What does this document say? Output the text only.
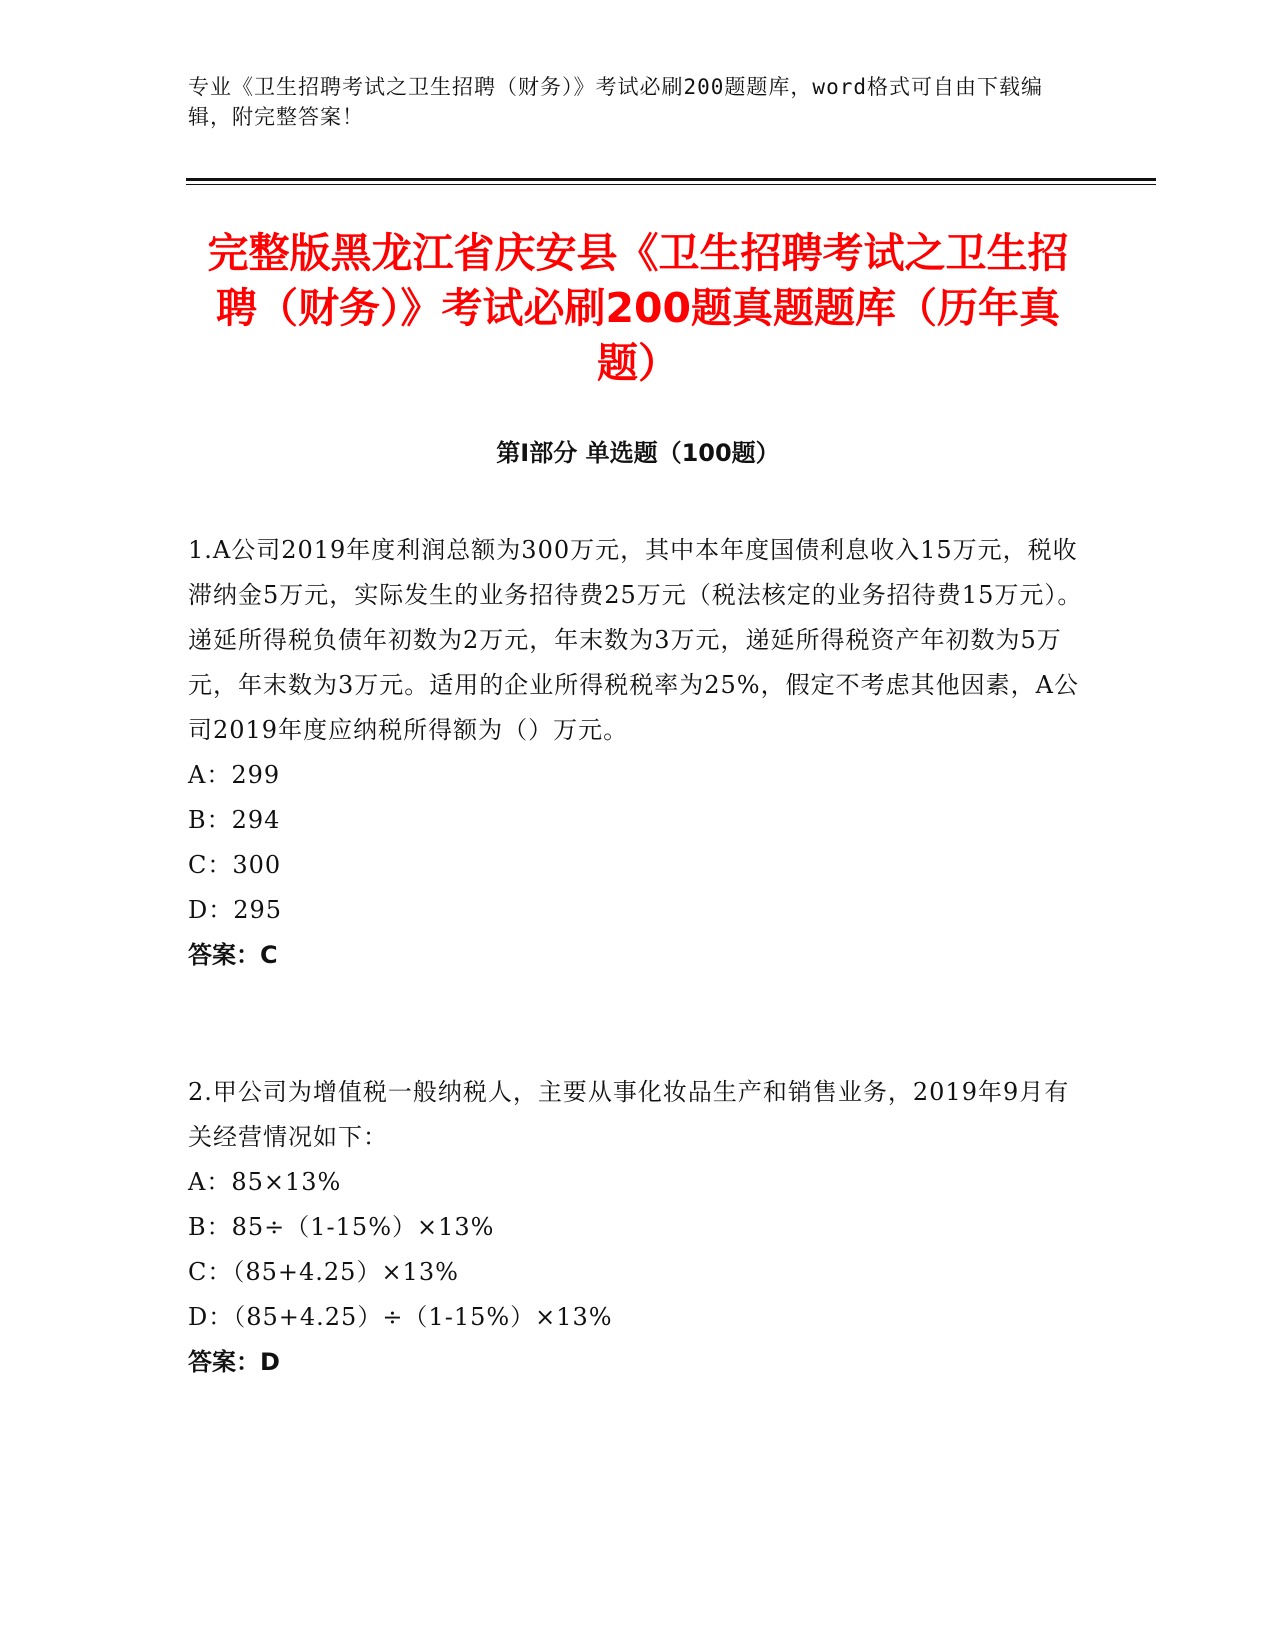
专业《卫生招聘考试之卫生招聘（财务）》考试必刷200题题库，word格式可自由下载编辑，附完整答案！
完整版黑龙江省庆安县《卫生招聘考试之卫生招聘（财务）》考试必刷200题真题题库（历年真题）
第I部分 单选题（100题）
1.A公司2019年度利润总额为300万元，其中本年度国债利息收入15万元，税收滞纳金5万元，实际发生的业务招待费25万元（税法核定的业务招待费15万元）。递延所得税负债年初数为2万元，年末数为3万元，递延所得税资产年初数为5万元，年末数为3万元。适用的企业所得税税率为25%，假定不考虑其他因素，A公司2019年度应纳税所得额为（）万元。
A：299
B：294
C：300
D：295
答案：C
2.甲公司为增值税一般纳税人，主要从事化妆品生产和销售业务，2019年9月有关经营情况如下：
A：85×13%
B：85÷（1-15%）×13%
C：（85+4.25）×13%
D：（85+4.25）÷（1-15%）×13%
答案：D
